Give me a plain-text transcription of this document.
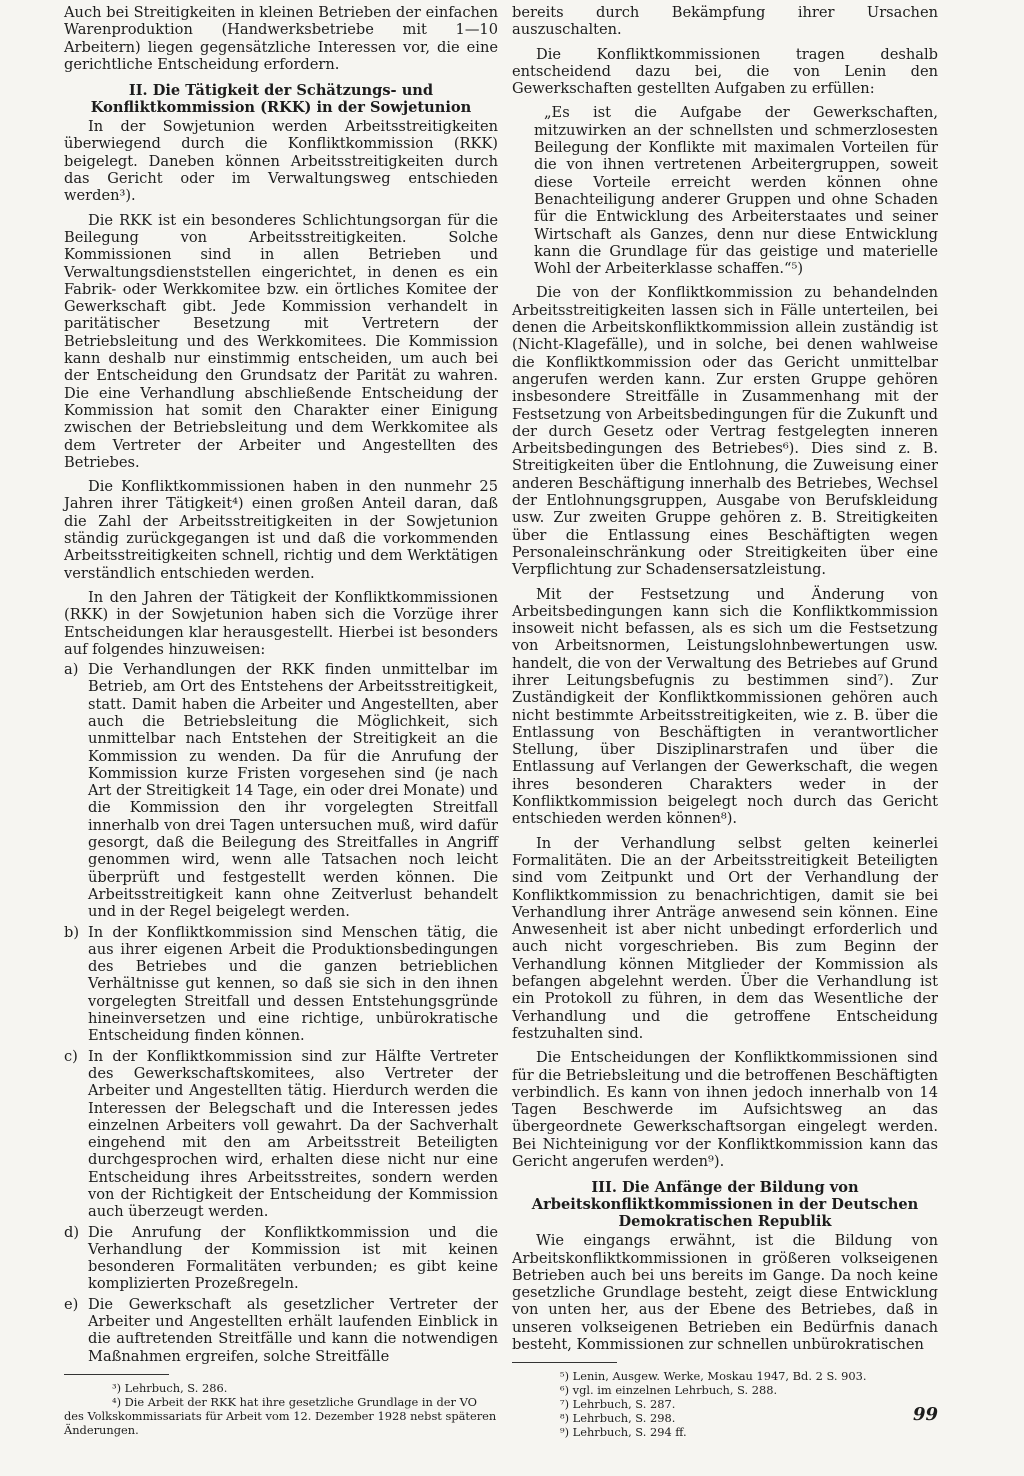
Auch bei Streitigkeiten in kleinen Betrieben der einfachen Warenproduktion (Handwerksbetriebe mit 1—10 Arbeitern) liegen gegensätzliche Interessen vor, die eine gerichtliche Entscheidung erfordern.

II. Die Tätigkeit der Schätzungs- und Konfliktkommission (RKK) in der Sowjetunion

In der Sowjetunion werden Arbeitsstreitigkeiten überwiegend durch die Konfliktkommission (RKK) beigelegt. Daneben können Arbeitsstreitigkeiten durch das Gericht oder im Verwaltungsweg entschieden werden³).

Die RKK ist ein besonderes Schlichtungsorgan für die Beilegung von Arbeitsstreitigkeiten. Solche Kommissionen sind in allen Betrieben und Verwaltungsdienststellen eingerichtet, in denen es ein Fabrik- oder Werkkomitee bzw. ein örtliches Komitee der Gewerkschaft gibt. Jede Kommission verhandelt in paritätischer Besetzung mit Vertretern der Betriebsleitung und des Werkkomitees. Die Kommission kann deshalb nur einstimmig entscheiden, um auch bei der Entscheidung den Grundsatz der Parität zu wahren. Die eine Verhandlung abschließende Entscheidung der Kommission hat somit den Charakter einer Einigung zwischen der Betriebsleitung und dem Werkkomitee als dem Vertreter der Arbeiter und Angestellten des Betriebes.

Die Konfliktkommissionen haben in den nunmehr 25 Jahren ihrer Tätigkeit⁴) einen großen Anteil daran, daß die Zahl der Arbeitsstreitigkeiten in der Sowjetunion ständig zurückgegangen ist und daß die vorkommenden Arbeitsstreitigkeiten schnell, richtig und dem Werktätigen verständlich entschieden werden.

In den Jahren der Tätigkeit der Konfliktkommissionen (RKK) in der Sowjetunion haben sich die Vorzüge ihrer Entscheidungen klar herausgestellt. Hierbei ist besonders auf folgendes hinzuweisen:

a) Die Verhandlungen der RKK finden unmittelbar im Betrieb, am Ort des Entstehens der Arbeitsstreitigkeit, statt. Damit haben die Arbeiter und Angestellten, aber auch die Betriebsleitung die Möglichkeit, sich unmittelbar nach Entstehen der Streitigkeit an die Kommission zu wenden. Da für die Anrufung der Kommission kurze Fristen vorgesehen sind (je nach Art der Streitigkeit 14 Tage, ein oder drei Monate) und die Kommission den ihr vorgelegten Streitfall innerhalb von drei Tagen untersuchen muß, wird dafür gesorgt, daß die Beilegung des Streitfalles in Angriff genommen wird, wenn alle Tatsachen noch leicht überprüft und festgestellt werden können. Die Arbeitsstreitigkeit kann ohne Zeitverlust behandelt und in der Regel beigelegt werden.
b) In der Konfliktkommission sind Menschen tätig, die aus ihrer eigenen Arbeit die Produktionsbedingungen des Betriebes und die ganzen betrieblichen Verhältnisse gut kennen, so daß sie sich in den ihnen vorgelegten Streitfall und dessen Entstehungsgründe hineinversetzen und eine richtige, unbürokratische Entscheidung finden können.
c) In der Konfliktkommission sind zur Hälfte Vertreter des Gewerkschaftskomitees, also Vertreter der Arbeiter und Angestellten tätig. Hierdurch werden die Interessen der Belegschaft und die Interessen jedes einzelnen Arbeiters voll gewahrt. Da der Sachverhalt eingehend mit den am Arbeitsstreit Beteiligten durchgesprochen wird, erhalten diese nicht nur eine Entscheidung ihres Arbeitsstreites, sondern werden von der Richtigkeit der Entscheidung der Kommission auch überzeugt werden.
d) Die Anrufung der Konfliktkommission und die Verhandlung der Kommission ist mit keinen besonderen Formalitäten verbunden; es gibt keine komplizierten Prozeßregeln.
e) Die Gewerkschaft als gesetzlicher Vertreter der Arbeiter und Angestellten erhält laufenden Einblick in die auftretenden Streitfälle und kann die notwendigen Maßnahmen ergreifen, solche Streitfälle

³) Lehrbuch, S. 286.

⁴) Die Arbeit der RKK hat ihre gesetzliche Grundlage in der VO des Volkskommissariats für Arbeit vom 12. Dezember 1928 nebst späteren Änderungen.

bereits durch Bekämpfung ihrer Ursachen auszuschalten.

Die Konfliktkommissionen tragen deshalb entscheidend dazu bei, die von Lenin den Gewerkschaften gestellten Aufgaben zu erfüllen:

„Es ist die Aufgabe der Gewerkschaften, mitzuwirken an der schnellsten und schmerzlosesten Beilegung der Konflikte mit maximalen Vorteilen für die von ihnen vertretenen Arbeitergruppen, soweit diese Vorteile erreicht werden können ohne Benachteiligung anderer Gruppen und ohne Schaden für die Entwicklung des Arbeiterstaates und seiner Wirtschaft als Ganzes, denn nur diese Entwicklung kann die Grundlage für das geistige und materielle Wohl der Arbeiterklasse schaffen.“⁵)

Die von der Konfliktkommission zu behandelnden Arbeitsstreitigkeiten lassen sich in Fälle unterteilen, bei denen die Arbeitskonfliktkommission allein zuständig ist (Nicht-Klagefälle), und in solche, bei denen wahlweise die Konfliktkommission oder das Gericht unmittelbar angerufen werden kann. Zur ersten Gruppe gehören insbesondere Streitfälle in Zusammenhang mit der Festsetzung von Arbeitsbedingungen für die Zukunft und der durch Gesetz oder Vertrag festgelegten inneren Arbeitsbedingungen des Betriebes⁶). Dies sind z. B. Streitigkeiten über die Entlohnung, die Zuweisung einer anderen Beschäftigung innerhalb des Betriebes, Wechsel der Entlohnungsgruppen, Ausgabe von Berufskleidung usw. Zur zweiten Gruppe gehören z. B. Streitigkeiten über die Entlassung eines Beschäftigten wegen Personaleinschränkung oder Streitigkeiten über eine Verpflichtung zur Schadensersatzleistung.

Mit der Festsetzung und Änderung von Arbeitsbedingungen kann sich die Konfliktkommission insoweit nicht befassen, als es sich um die Festsetzung von Arbeitsnormen, Leistungslohnbewertungen usw. handelt, die von der Verwaltung des Betriebes auf Grund ihrer Leitungsbefugnis zu bestimmen sind⁷). Zur Zuständigkeit der Konfliktkommissionen gehören auch nicht bestimmte Arbeitsstreitigkeiten, wie z. B. über die Entlassung von Beschäftigten in verantwortlicher Stellung, über Disziplinarstrafen und über die Entlassung auf Verlangen der Gewerkschaft, die wegen ihres besonderen Charakters weder in der Konfliktkommission beigelegt noch durch das Gericht entschieden werden können⁸).

In der Verhandlung selbst gelten keinerlei Formalitäten. Die an der Arbeitsstreitigkeit Beteiligten sind vom Zeitpunkt und Ort der Verhandlung der Konfliktkommission zu benachrichtigen, damit sie bei Verhandlung ihrer Anträge anwesend sein können. Eine Anwesenheit ist aber nicht unbedingt erforderlich und auch nicht vorgeschrieben. Bis zum Beginn der Verhandlung können Mitglieder der Kommission als befangen abgelehnt werden. Über die Verhandlung ist ein Protokoll zu führen, in dem das Wesentliche der Verhandlung und die getroffene Entscheidung festzuhalten sind.

Die Entscheidungen der Konfliktkommissionen sind für die Betriebsleitung und die betroffenen Beschäftigten verbindlich. Es kann von ihnen jedoch innerhalb von 14 Tagen Beschwerde im Aufsichtsweg an das übergeordnete Gewerkschaftsorgan eingelegt werden. Bei Nichteinigung vor der Konfliktkommission kann das Gericht angerufen werden⁹).

III. Die Anfänge der Bildung von Arbeitskonfliktkommissionen in der Deutschen Demokratischen Republik

Wie eingangs erwähnt, ist die Bildung von Arbeitskonfliktkommissionen in größeren volkseigenen Betrieben auch bei uns bereits im Gange. Da noch keine gesetzliche Grundlage besteht, zeigt diese Entwicklung von unten her, aus der Ebene des Betriebes, daß in unseren volkseigenen Betrieben ein Bedürfnis danach besteht, Kommissionen zur schnellen unbürokratischen

⁵) Lenin, Ausgew. Werke, Moskau 1947, Bd. 2 S. 903.

⁶) vgl. im einzelnen Lehrbuch, S. 288.

⁷) Lehrbuch, S. 287.

⁸) Lehrbuch, S. 298.

⁹) Lehrbuch, S. 294 ff.

99
